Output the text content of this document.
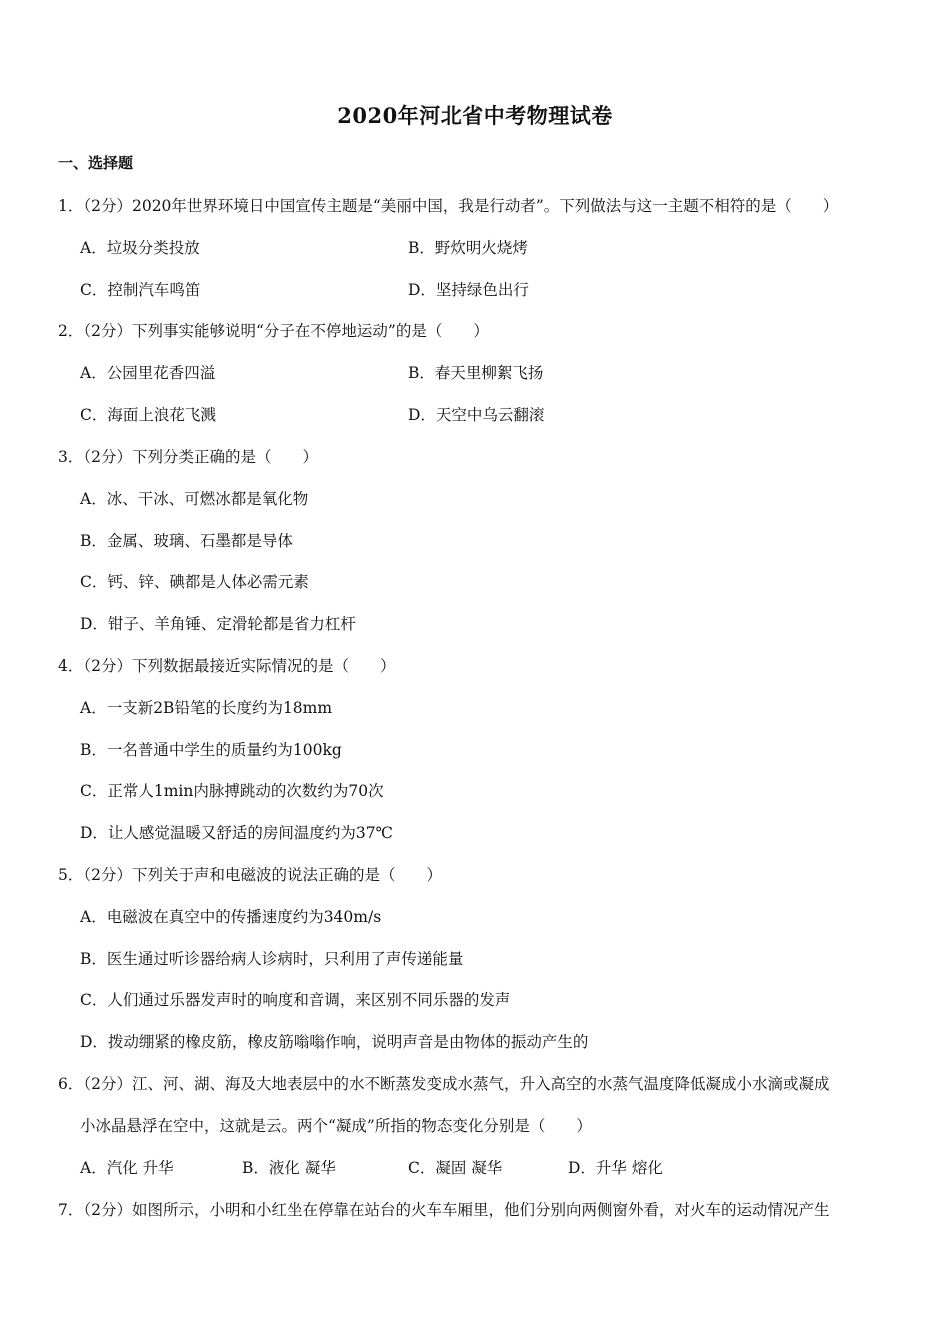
2020年河北省中考物理试卷
一、选择题
1．（2分）2020年世界环境日中国宣传主题是“美丽中国，我是行动者”。下列做法与这一主题不相符的是（　　）
A．垃圾分类投放	B．野炊明火烧烤
C．控制汽车鸣笛	D．坚持绿色出行
2．（2分）下列事实能够说明“分子在不停地运动”的是（　　）
A．公园里花香四溢	B．春天里柳絮飞扬
C．海面上浪花飞溅	D．天空中乌云翻滚
3．（2分）下列分类正确的是（　　）
A．冰、干冰、可燃冰都是氧化物
B．金属、玻璃、石墨都是导体
C．钙、锌、碘都是人体必需元素
D．钳子、羊角锤、定滑轮都是省力杠杆
4．（2分）下列数据最接近实际情况的是（　　）
A．一支新2B铅笔的长度约为18mm
B．一名普通中学生的质量约为100kg
C．正常人1min内脉搏跳动的次数约为70次
D．让人感觉温暖又舒适的房间温度约为37℃
5．（2分）下列关于声和电磁波的说法正确的是（　　）
A．电磁波在真空中的传播速度约为340m/s
B．医生通过听诊器给病人诊病时，只利用了声传递能量
C．人们通过乐器发声时的响度和音调，来区别不同乐器的发声
D．拨动绷紧的橡皮筋，橡皮筋嗡嗡作响，说明声音是由物体的振动产生的
6．（2分）江、河、湖、海及大地表层中的水不断蒸发变成水蒸气，升入高空的水蒸气温度降低凝成小水滴或凝成
小冰晶悬浮在空中，这就是云。两个“凝成”所指的物态变化分别是（　　）
A．汽化 升华	B．液化 凝华	C．凝固 凝华	D．升华 熔化
7．（2分）如图所示，小明和小红坐在停靠在站台的火车车厢里，他们分别向两侧窗外看，对火车的运动情况产生
